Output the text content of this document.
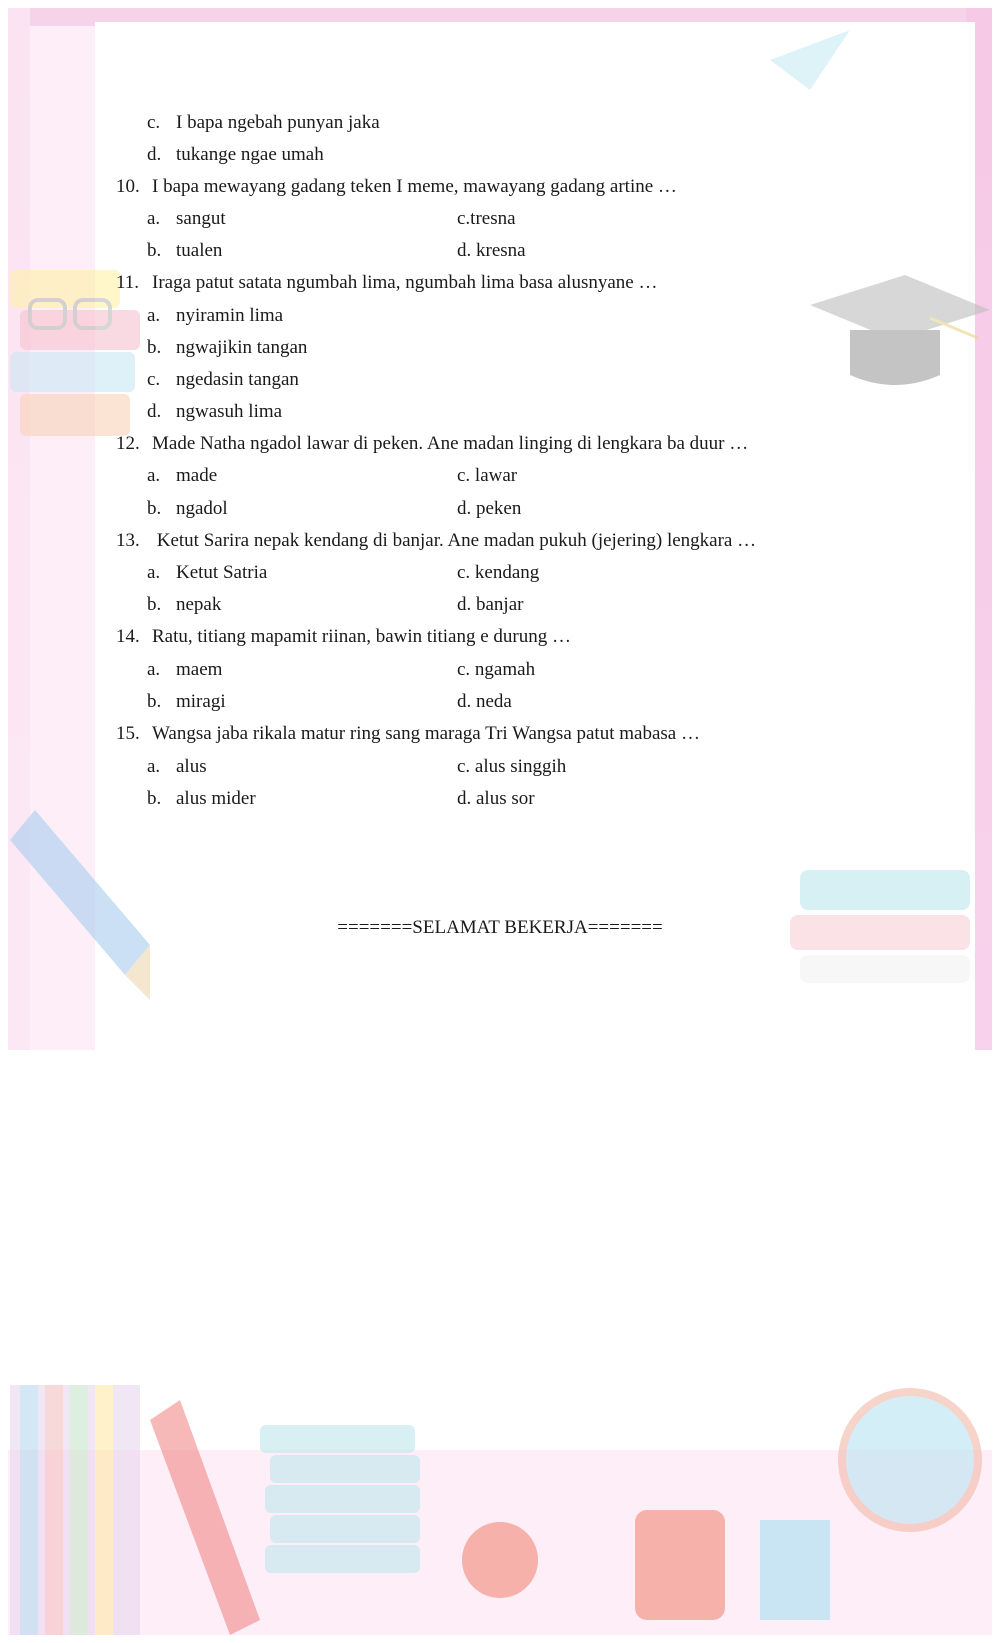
c. I bapa ngebah punyan jaka
d. tukange ngae umah
10. I bapa mewayang gadang teken I meme, mawayang gadang artine …
a. sangut	c.tresna
b. tualen	d. kresna
11. Iraga patut satata ngumbah lima, ngumbah lima basa alusnyane …
a. nyiramin lima
b. ngwajikin tangan
c. ngedasin tangan
d. ngwasuh lima
12. Made Natha ngadol lawar di peken. Ane madan linging di lengkara ba duur …
a. made	c. lawar
b. ngadol	d. peken
13. Ketut Sarira nepak kendang di banjar. Ane madan pukuh (jejering) lengkara …
a. Ketut Satria	c. kendang
b. nepak	d. banjar
14. Ratu, titiang mapamit riinan, bawin titiang e durung …
a. maem	c. ngamah
b. miragi	d. neda
15. Wangsa jaba rikala matur ring sang maraga Tri Wangsa patut mabasa …
a. alus	c. alus singgih
b. alus mider	d. alus sor
=======SELAMAT BEKERJA=======
